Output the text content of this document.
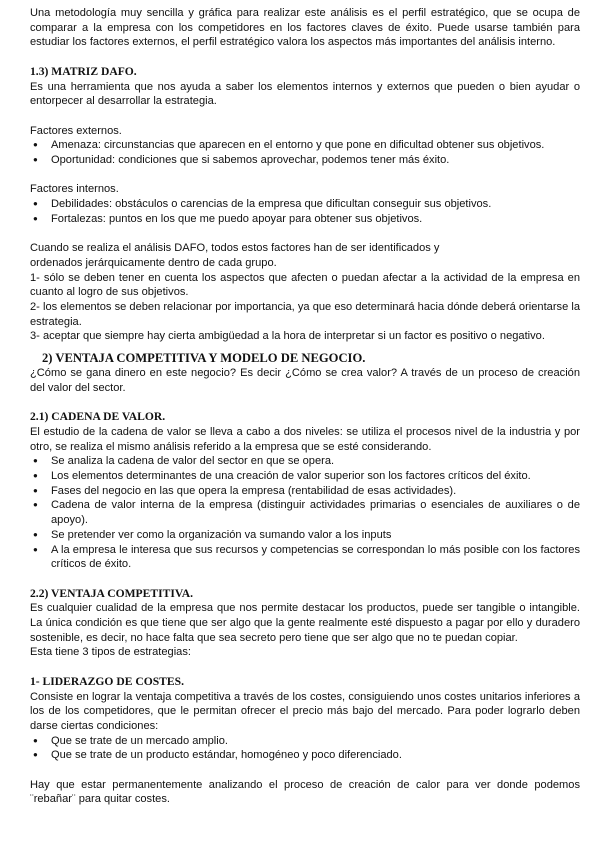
Una metodología muy sencilla y gráfica para realizar este análisis es el perfil estratégico, que se ocupa de comparar a la empresa con los competidores en los factores claves de éxito. Puede usarse también para estudiar los factores externos, el perfil estratégico valora los aspectos más importantes del análisis interno.

1.3) MATRIZ DAFO.

Es una herramienta que nos ayuda a saber los elementos internos y externos que pueden o bien ayudar o entorpecer al desarrollar la estrategia.

Factores externos.

● Amenaza: circunstancias que aparecen en el entorno y que pone en dificultad obtener sus objetivos.
● Oportunidad: condiciones que si sabemos aprovechar, podemos tener más éxito.

Factores internos.

● Debilidades: obstáculos o carencias de la empresa que dificultan conseguir sus objetivos.
● Fortalezas: puntos en los que me puedo apoyar para obtener sus objetivos.

Cuando se realiza el análisis DAFO, todos estos factores han de ser identificados y

ordenados jerárquicamente dentro de cada grupo.

1- sólo se deben tener en cuenta los aspectos que afecten o puedan afectar a la actividad de la empresa en cuanto al logro de sus objetivos.

2- los elementos se deben relacionar por importancia, ya que eso determinará hacia dónde deberá orientarse la estrategia.

3- aceptar que siempre hay cierta ambigüedad a la hora de interpretar si un factor es positivo o negativo.

2) VENTAJA COMPETITIVA Y MODELO DE NEGOCIO.

¿Cómo se gana dinero en este negocio? Es decir ¿Cómo se crea valor? A través de un proceso de creación del valor del sector.

2.1) CADENA DE VALOR.

El estudio de la cadena de valor se lleva a cabo a dos niveles: se utiliza el procesos nivel de la industria y por otro, se realiza el mismo análisis referido a la empresa que se esté considerando.

● Se analiza la cadena de valor del sector en que se opera.
● Los elementos determinantes de una creación de valor superior son los factores críticos del éxito.
● Fases del negocio en las que opera la empresa (rentabilidad de esas actividades).
● Cadena de valor interna de la empresa (distinguir actividades primarias o esenciales de auxiliares o de apoyo).
● Se pretender ver como la organización va sumando valor a los inputs
● A la empresa le interesa que sus recursos y competencias se correspondan lo más posible con los factores críticos de éxito.

2.2) VENTAJA COMPETITIVA.

Es cualquier cualidad de la empresa que nos permite destacar los productos, puede ser tangible o intangible. La única condición es que tiene que ser algo que la gente realmente esté dispuesto a pagar por ello y duradero sostenible, es decir, no hace falta que sea secreto pero tiene que ser algo que no te puedan copiar.

Esta tiene 3 tipos de estrategias:

1- LIDERAZGO DE COSTES.

Consiste en lograr la ventaja competitiva a través de los costes, consiguiendo unos costes unitarios inferiores a los de los competidores, que le permitan ofrecer el precio más bajo del mercado. Para poder lograrlo deben darse ciertas condiciones:

● Que se trate de un mercado amplio.
● Que se trate de un producto estándar, homogéneo y poco diferenciado.

Hay que estar permanentemente analizando el proceso de creación de calor para ver donde podemos ¨rebañar¨ para quitar costes.
